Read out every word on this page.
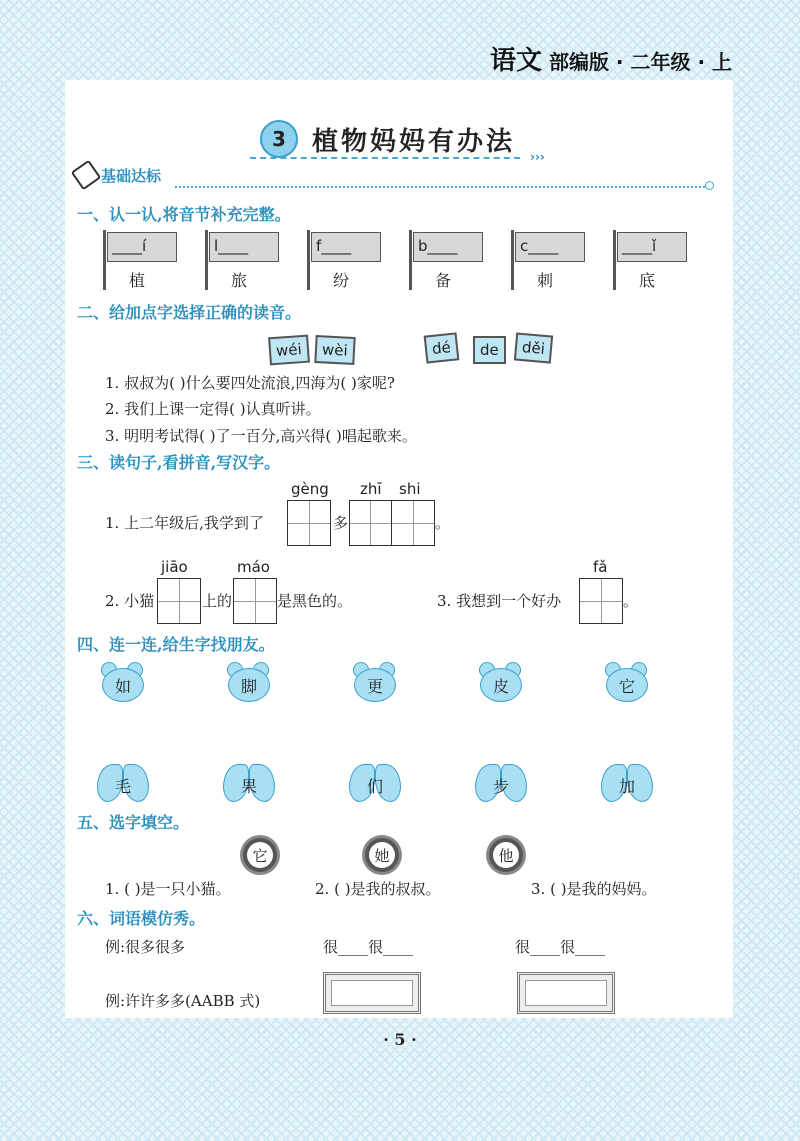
语文 部编版 · 二年级 · 上
3	植物妈妈有办法
›››
基础达标
一、认一认,将音节补充完整。
____í
植
l____
旅
f____
纷
b____
备
c____
刺
____ǐ
底
二、给加点字选择正确的读音。
wéi	wèi	dé	de	děi
1. 叔叔为( )什么要四处流浪,四海为( )家呢?
2. 我们上课一定得( )认真听讲。
3. 明明考试得( )了一百分,高兴得( )唱起歌来。
三、读句子,看拼音,写汉字。
gèng zhī shi
1. 上二年级后,我学到了	多	。
jiāo	máo	fǎ
2. 小猫	上的	是黑色的。	3. 我想到一个好办	。
四、连一连,给生字找朋友。
如	脚	更	皮	它
毛	果	们	步	加
五、选字填空。
它	她	他
1. ( )是一只小猫。	2. ( )是我的叔叔。	3. ( )是我的妈妈。
六、词语模仿秀。
例:很多很多	很____很____	很____很____
例:许许多多(AABB 式)
· 5 ·
